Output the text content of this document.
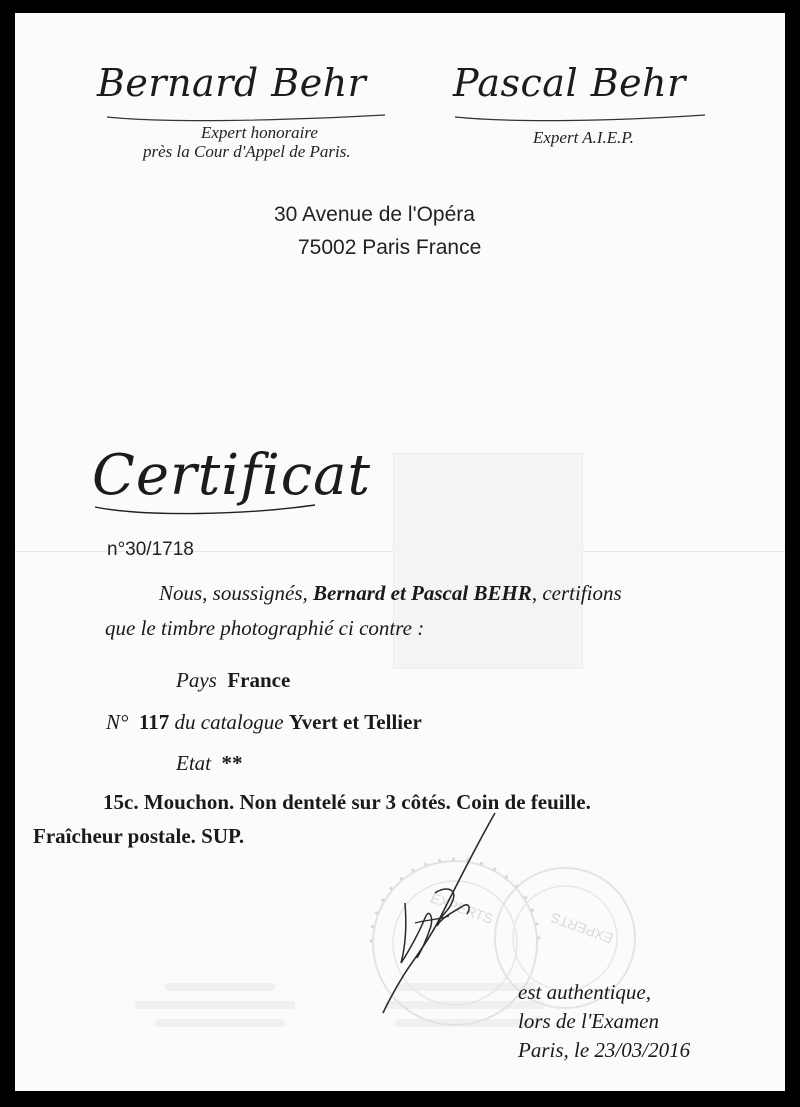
Bernard Behr Pascal Behr
Expert honoraire
près la Cour d'Appel de Paris.
Expert A.I.E.P.
30 Avenue de l'Opéra
75002 Paris France
Certificat
n°30/1718
Nous, soussignés, Bernard et Pascal BEHR, certifions
que le timbre photographié ci contre :
Pays France
N° 117 du catalogue Yvert et Tellier
Etat **
15c. Mouchon. Non dentelé sur 3 côtés. Coin de feuille.
Fraîcheur postale. SUP.
• • • • • • • • • • • • • • • • • • • •
EXPERTS
EXPERTS
est authentique,
lors de l'Examen
Paris, le 23/03/2016
